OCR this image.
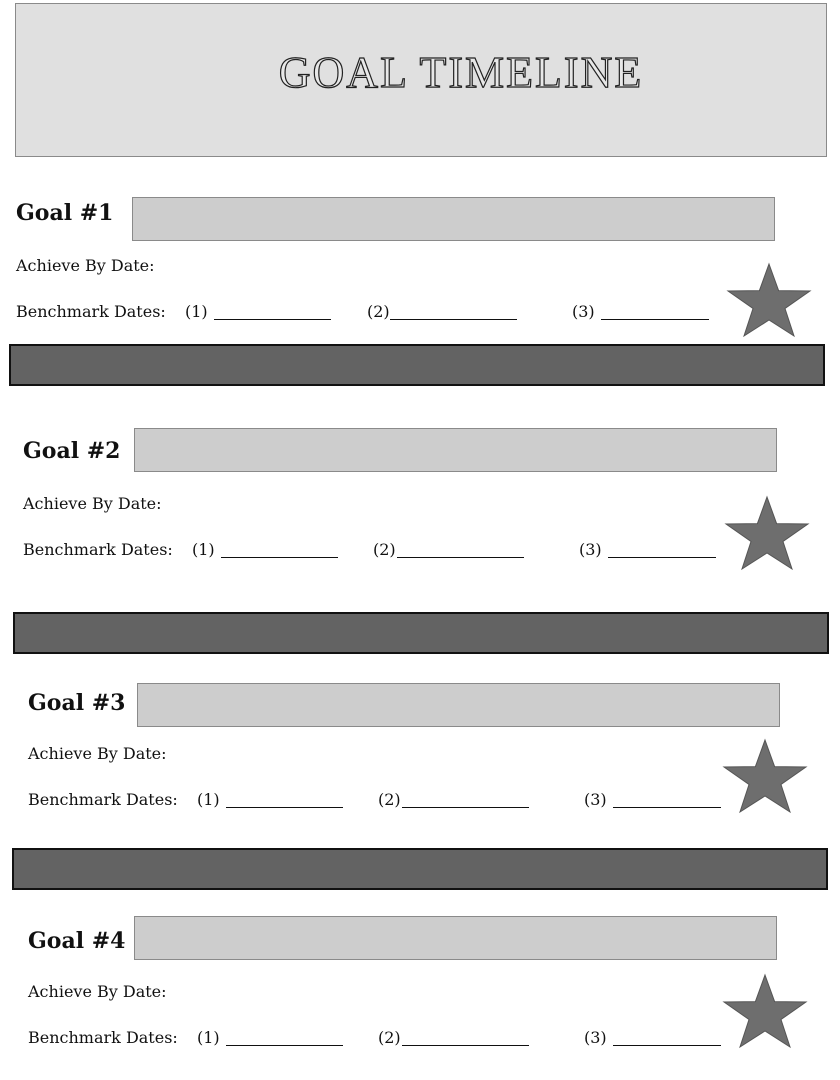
GOAL TIMELINE
Goal #1
Achieve By Date:
Benchmark Dates: (1)	(2)	(3)
Goal #2
Achieve By Date:
Benchmark Dates: (1)	(2)	(3)
Goal #3
Achieve By Date:
Benchmark Dates: (1)	(2)	(3)
Goal #4
Achieve By Date:
Benchmark Dates: (1)	(2)	(3)
